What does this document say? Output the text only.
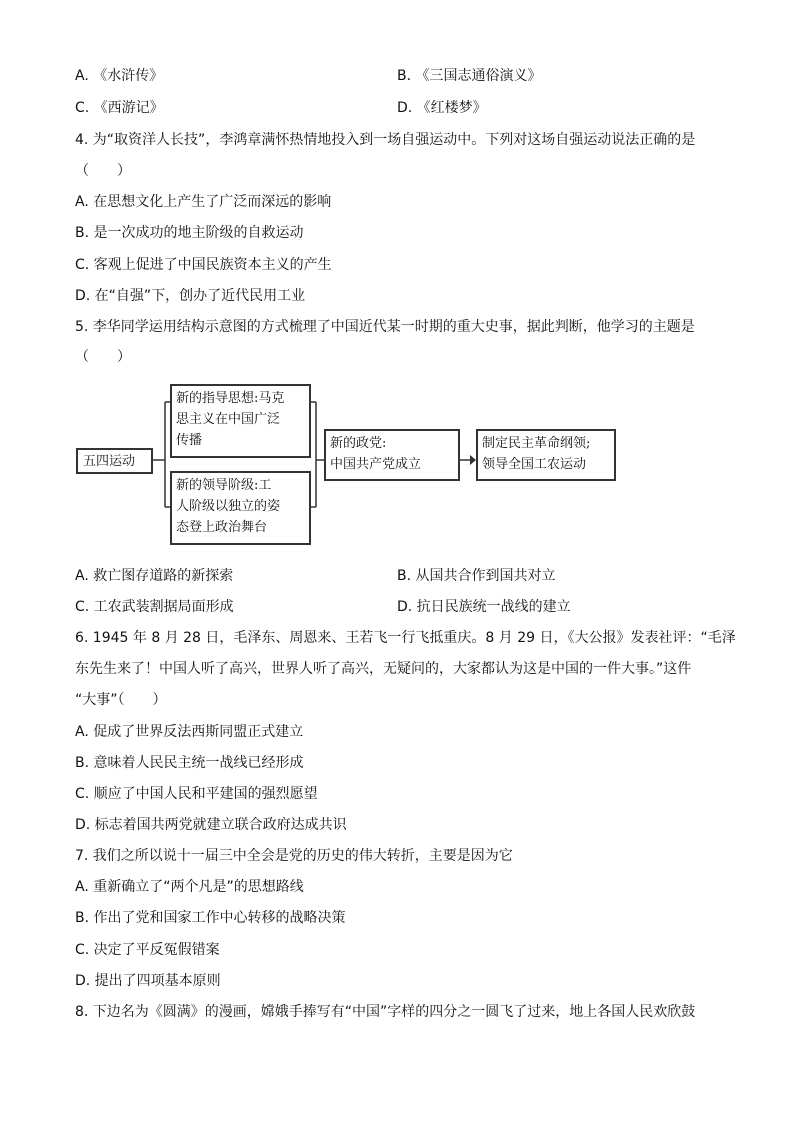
A. 《水浒传》	B. 《三国志通俗演义》
C. 《西游记》	D. 《红楼梦》
4. 为“取资洋人长技”，李鸿章满怀热情地投入到一场自强运动中。下列对这场自强运动说法正确的是
（　　）
A. 在思想文化上产生了广泛而深远的影响
B. 是一次成功的地主阶级的自救运动
C. 客观上促进了中国民族资本主义的产生
D. 在“自强”下，创办了近代民用工业
5. 李华同学运用结构示意图的方式梳理了中国近代某一时期的重大史事，据此判断，他学习的主题是
（　　）
五四运动
新的指导思想:马克
思主义在中国广泛
传播
新的领导阶级:工
人阶级以独立的姿
态登上政治舞台
新的政党:
中国共产党成立
制定民主革命纲领;
领导全国工农运动
A. 救亡图存道路的新探索	B. 从国共合作到国共对立
C. 工农武装割据局面形成	D. 抗日民族统一战线的建立
6. 1945 年 8 月 28 日，毛泽东、周恩来、王若飞一行飞抵重庆。8 月 29 日，《大公报》发表社评：“毛泽
东先生来了！中国人听了高兴，世界人听了高兴，无疑问的，大家都认为这是中国的一件大事。”这件
“大事”（　　）
A. 促成了世界反法西斯同盟正式建立
B. 意味着人民民主统一战线已经形成
C. 顺应了中国人民和平建国的强烈愿望
D. 标志着国共两党就建立联合政府达成共识
7. 我们之所以说十一届三中全会是党的历史的伟大转折，主要是因为它
A. 重新确立了“两个凡是”的思想路线
B. 作出了党和国家工作中心转移的战略决策
C. 决定了平反冤假错案
D. 提出了四项基本原则
8. 下边名为《圆满》的漫画，嫦娥手捧写有“中国”字样的四分之一圆飞了过来，地上各国人民欢欣鼓
